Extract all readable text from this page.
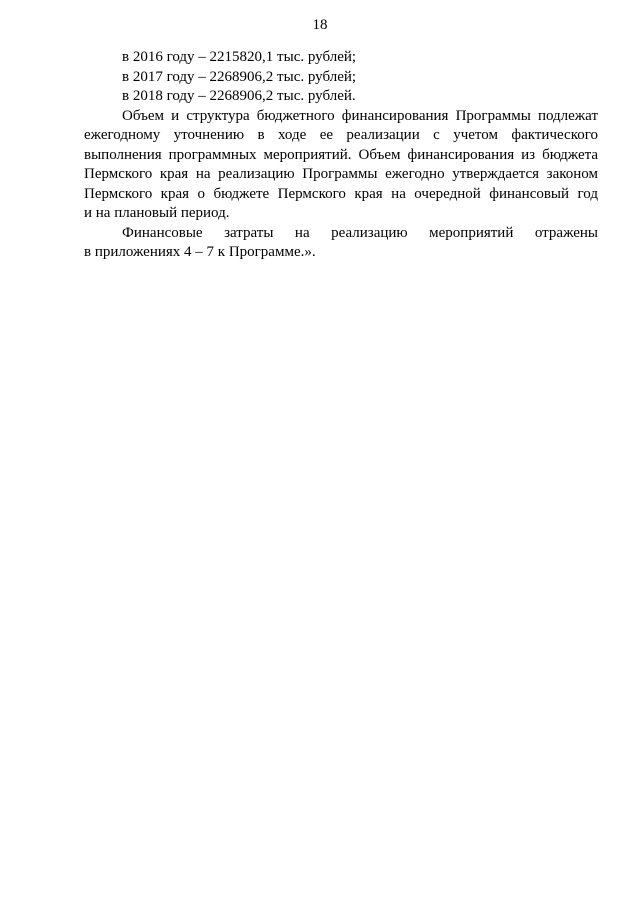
18
в 2016 году – 2215820,1 тыс. рублей;
в 2017 году – 2268906,2 тыс. рублей;
в 2018 году – 2268906,2 тыс. рублей.
Объем и структура бюджетного финансирования Программы подлежат
ежегодному уточнению в ходе ее реализации с учетом фактического
выполнения программных мероприятий. Объем финансирования из бюджета
Пермского края на реализацию Программы ежегодно утверждается законом
Пермского края о бюджете Пермского края на очередной финансовый год
и на плановый период.
Финансовые затраты на реализацию мероприятий отражены
в приложениях 4 – 7 к Программе.».
